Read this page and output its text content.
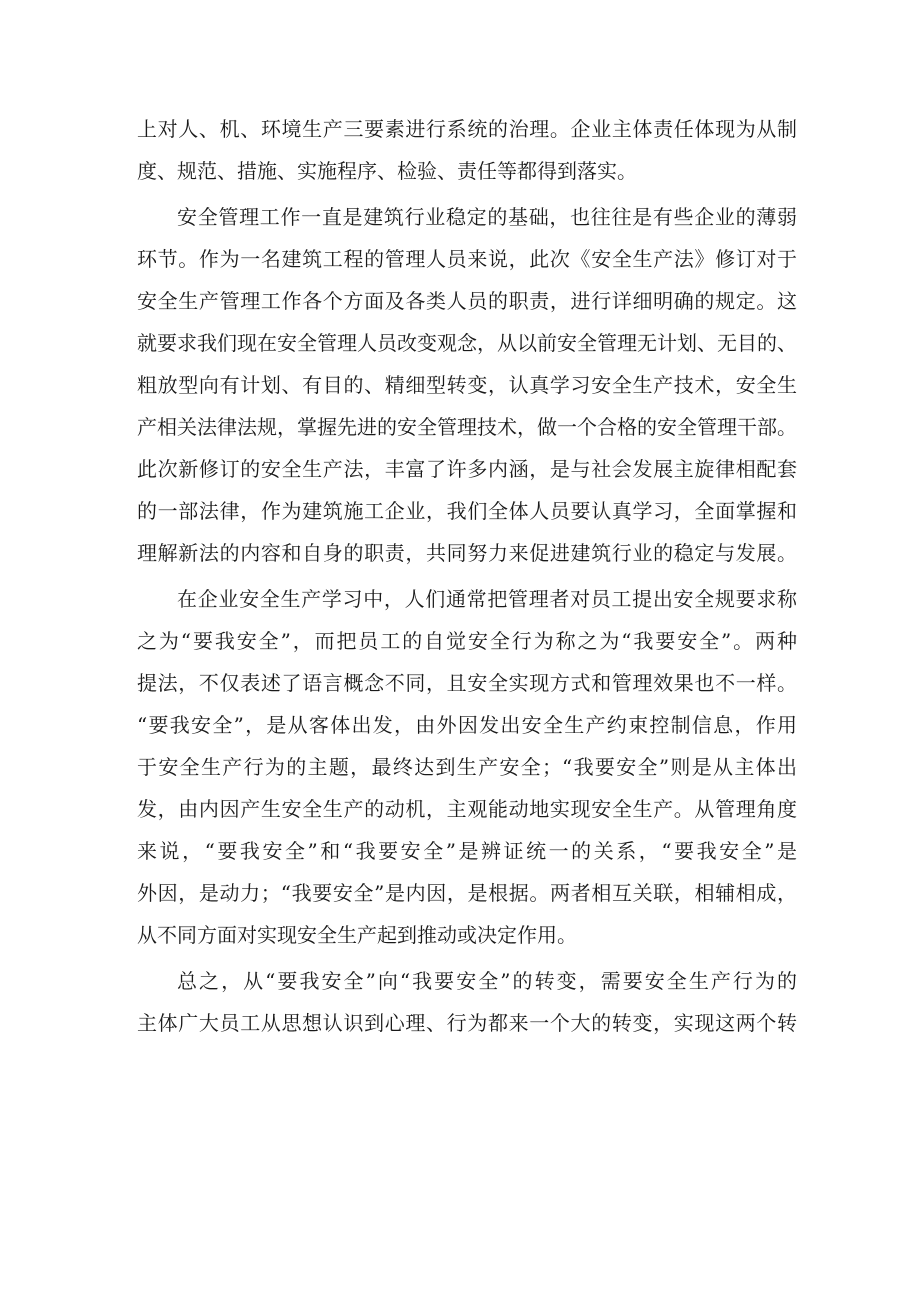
上对人、机、环境生产三要素进行系统的治理。企业主体责任体现为从制
度、规范、措施、实施程序、检验、责任等都得到落实。
安全管理工作一直是建筑行业稳定的基础，也往往是有些企业的薄弱
环节。作为一名建筑工程的管理人员来说，此次《安全生产法》修订对于
安全生产管理工作各个方面及各类人员的职责，进行详细明确的规定。这
就要求我们现在安全管理人员改变观念，从以前安全管理无计划、无目的、
粗放型向有计划、有目的、精细型转变，认真学习安全生产技术，安全生
产相关法律法规，掌握先进的安全管理技术，做一个合格的安全管理干部。
此次新修订的安全生产法，丰富了许多内涵，是与社会发展主旋律相配套
的一部法律，作为建筑施工企业，我们全体人员要认真学习，全面掌握和
理解新法的内容和自身的职责，共同努力来促进建筑行业的稳定与发展。
在企业安全生产学习中，人们通常把管理者对员工提出安全规要求称
之为“要我安全”，而把员工的自觉安全行为称之为“我要安全”。两种
提法，不仅表述了语言概念不同，且安全实现方式和管理效果也不一样。
“要我安全”，是从客体出发，由外因发出安全生产约束控制信息，作用
于安全生产行为的主题，最终达到生产安全；“我要安全”则是从主体出
发，由内因产生安全生产的动机，主观能动地实现安全生产。从管理角度
来说，“要我安全”和“我要安全”是辨证统一的关系，“要我安全”是
外因，是动力；“我要安全”是内因，是根据。两者相互关联，相辅相成，
从不同方面对实现安全生产起到推动或决定作用。
总之，从“要我安全”向“我要安全”的转变，需要安全生产行为的
主体广大员工从思想认识到心理、行为都来一个大的转变，实现这两个转
